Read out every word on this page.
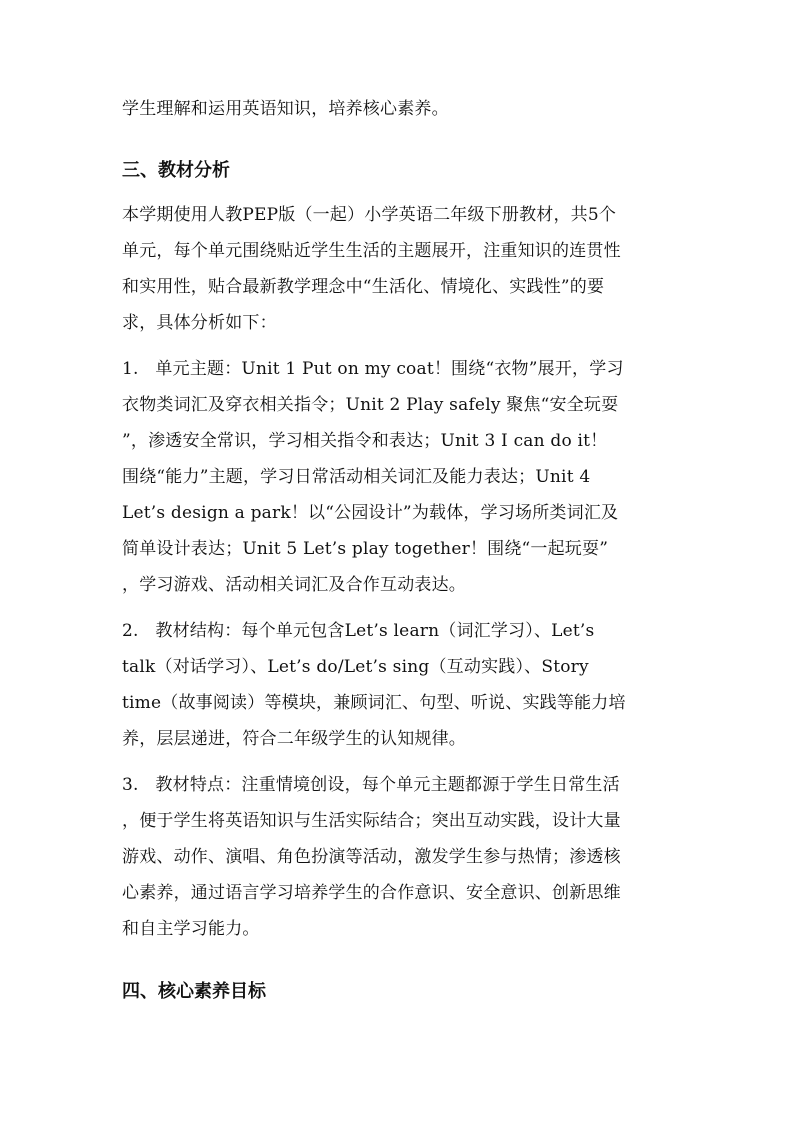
学生理解和运用英语知识，培养核心素养。
三、教材分析
本学期使用人教PEP版（一起）小学英语二年级下册教材，共5个
单元，每个单元围绕贴近学生生活的主题展开，注重知识的连贯性
和实用性，贴合最新教学理念中“生活化、情境化、实践性”的要
求，具体分析如下：
1.   单元主题：Unit 1 Put on my coat！围绕“衣物”展开，学习
衣物类词汇及穿衣相关指令；Unit 2 Play safely 聚焦“安全玩耍
”，渗透安全常识，学习相关指令和表达；Unit 3 I can do it！
围绕“能力”主题，学习日常活动相关词汇及能力表达；Unit 4
Let’s design a park！以“公园设计”为载体，学习场所类词汇及
简单设计表达；Unit 5 Let’s play together！围绕“一起玩耍”
，学习游戏、活动相关词汇及合作互动表达。
2.   教材结构：每个单元包含Let’s learn（词汇学习）、Let’s
talk（对话学习）、Let’s do/Let’s sing（互动实践）、Story
time（故事阅读）等模块，兼顾词汇、句型、听说、实践等能力培
养，层层递进，符合二年级学生的认知规律。
3.   教材特点：注重情境创设，每个单元主题都源于学生日常生活
，便于学生将英语知识与生活实际结合；突出互动实践，设计大量
游戏、动作、演唱、角色扮演等活动，激发学生参与热情；渗透核
心素养，通过语言学习培养学生的合作意识、安全意识、创新思维
和自主学习能力。
四、核心素养目标
